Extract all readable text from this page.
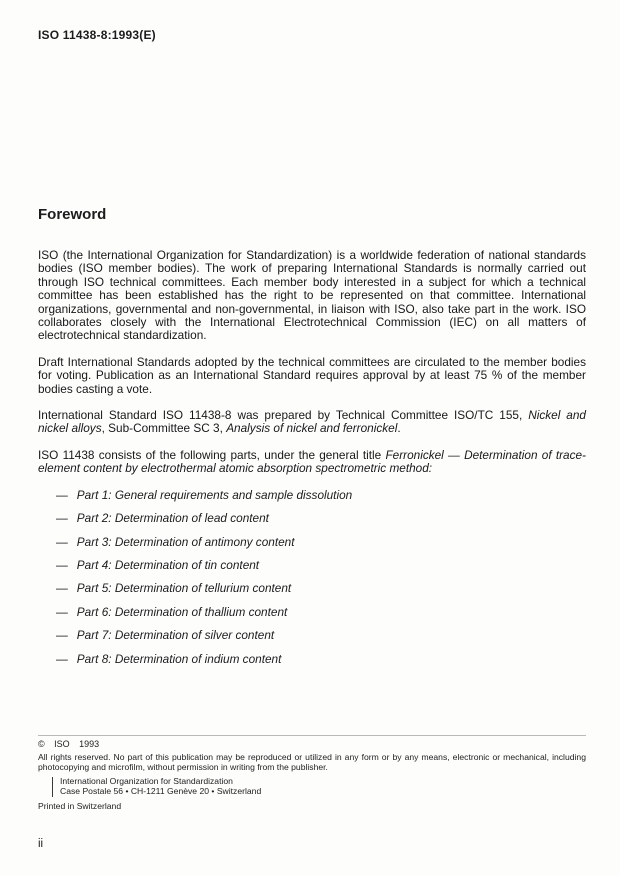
ISO 11438-8:1993(E)
Foreword

ISO (the International Organization for Standardization) is a worldwide federation of national standards bodies (ISO member bodies). The work of preparing International Standards is normally carried out through ISO technical committees. Each member body interested in a subject for which a technical committee has been established has the right to be represented on that committee. International organizations, governmental and non-governmental, in liaison with ISO, also take part in the work. ISO collaborates closely with the International Electrotechnical Commission (IEC) on all matters of electrotechnical standardization.

Draft International Standards adopted by the technical committees are circulated to the member bodies for voting. Publication as an International Standard requires approval by at least 75 % of the member bodies casting a vote.

International Standard ISO 11438-8 was prepared by Technical Committee ISO/TC 155, Nickel and nickel alloys, Sub-Committee SC 3, Analysis of nickel and ferronickel.

ISO 11438 consists of the following parts, under the general title Ferronickel — Determination of trace-element content by electrothermal atomic absorption spectrometric method:

— Part 1: General requirements and sample dissolution
— Part 2: Determination of lead content
— Part 3: Determination of antimony content
— Part 4: Determination of tin content
— Part 5: Determination of tellurium content
— Part 6: Determination of thallium content
— Part 7: Determination of silver content
— Part 8: Determination of indium content
© ISO 1993
All rights reserved. No part of this publication may be reproduced or utilized in any form or by any means, electronic or mechanical, including photocopying and microfilm, without permission in writing from the publisher.
International Organization for Standardization
Case Postale 56 • CH-1211 Genève 20 • Switzerland
Printed in Switzerland
ii
